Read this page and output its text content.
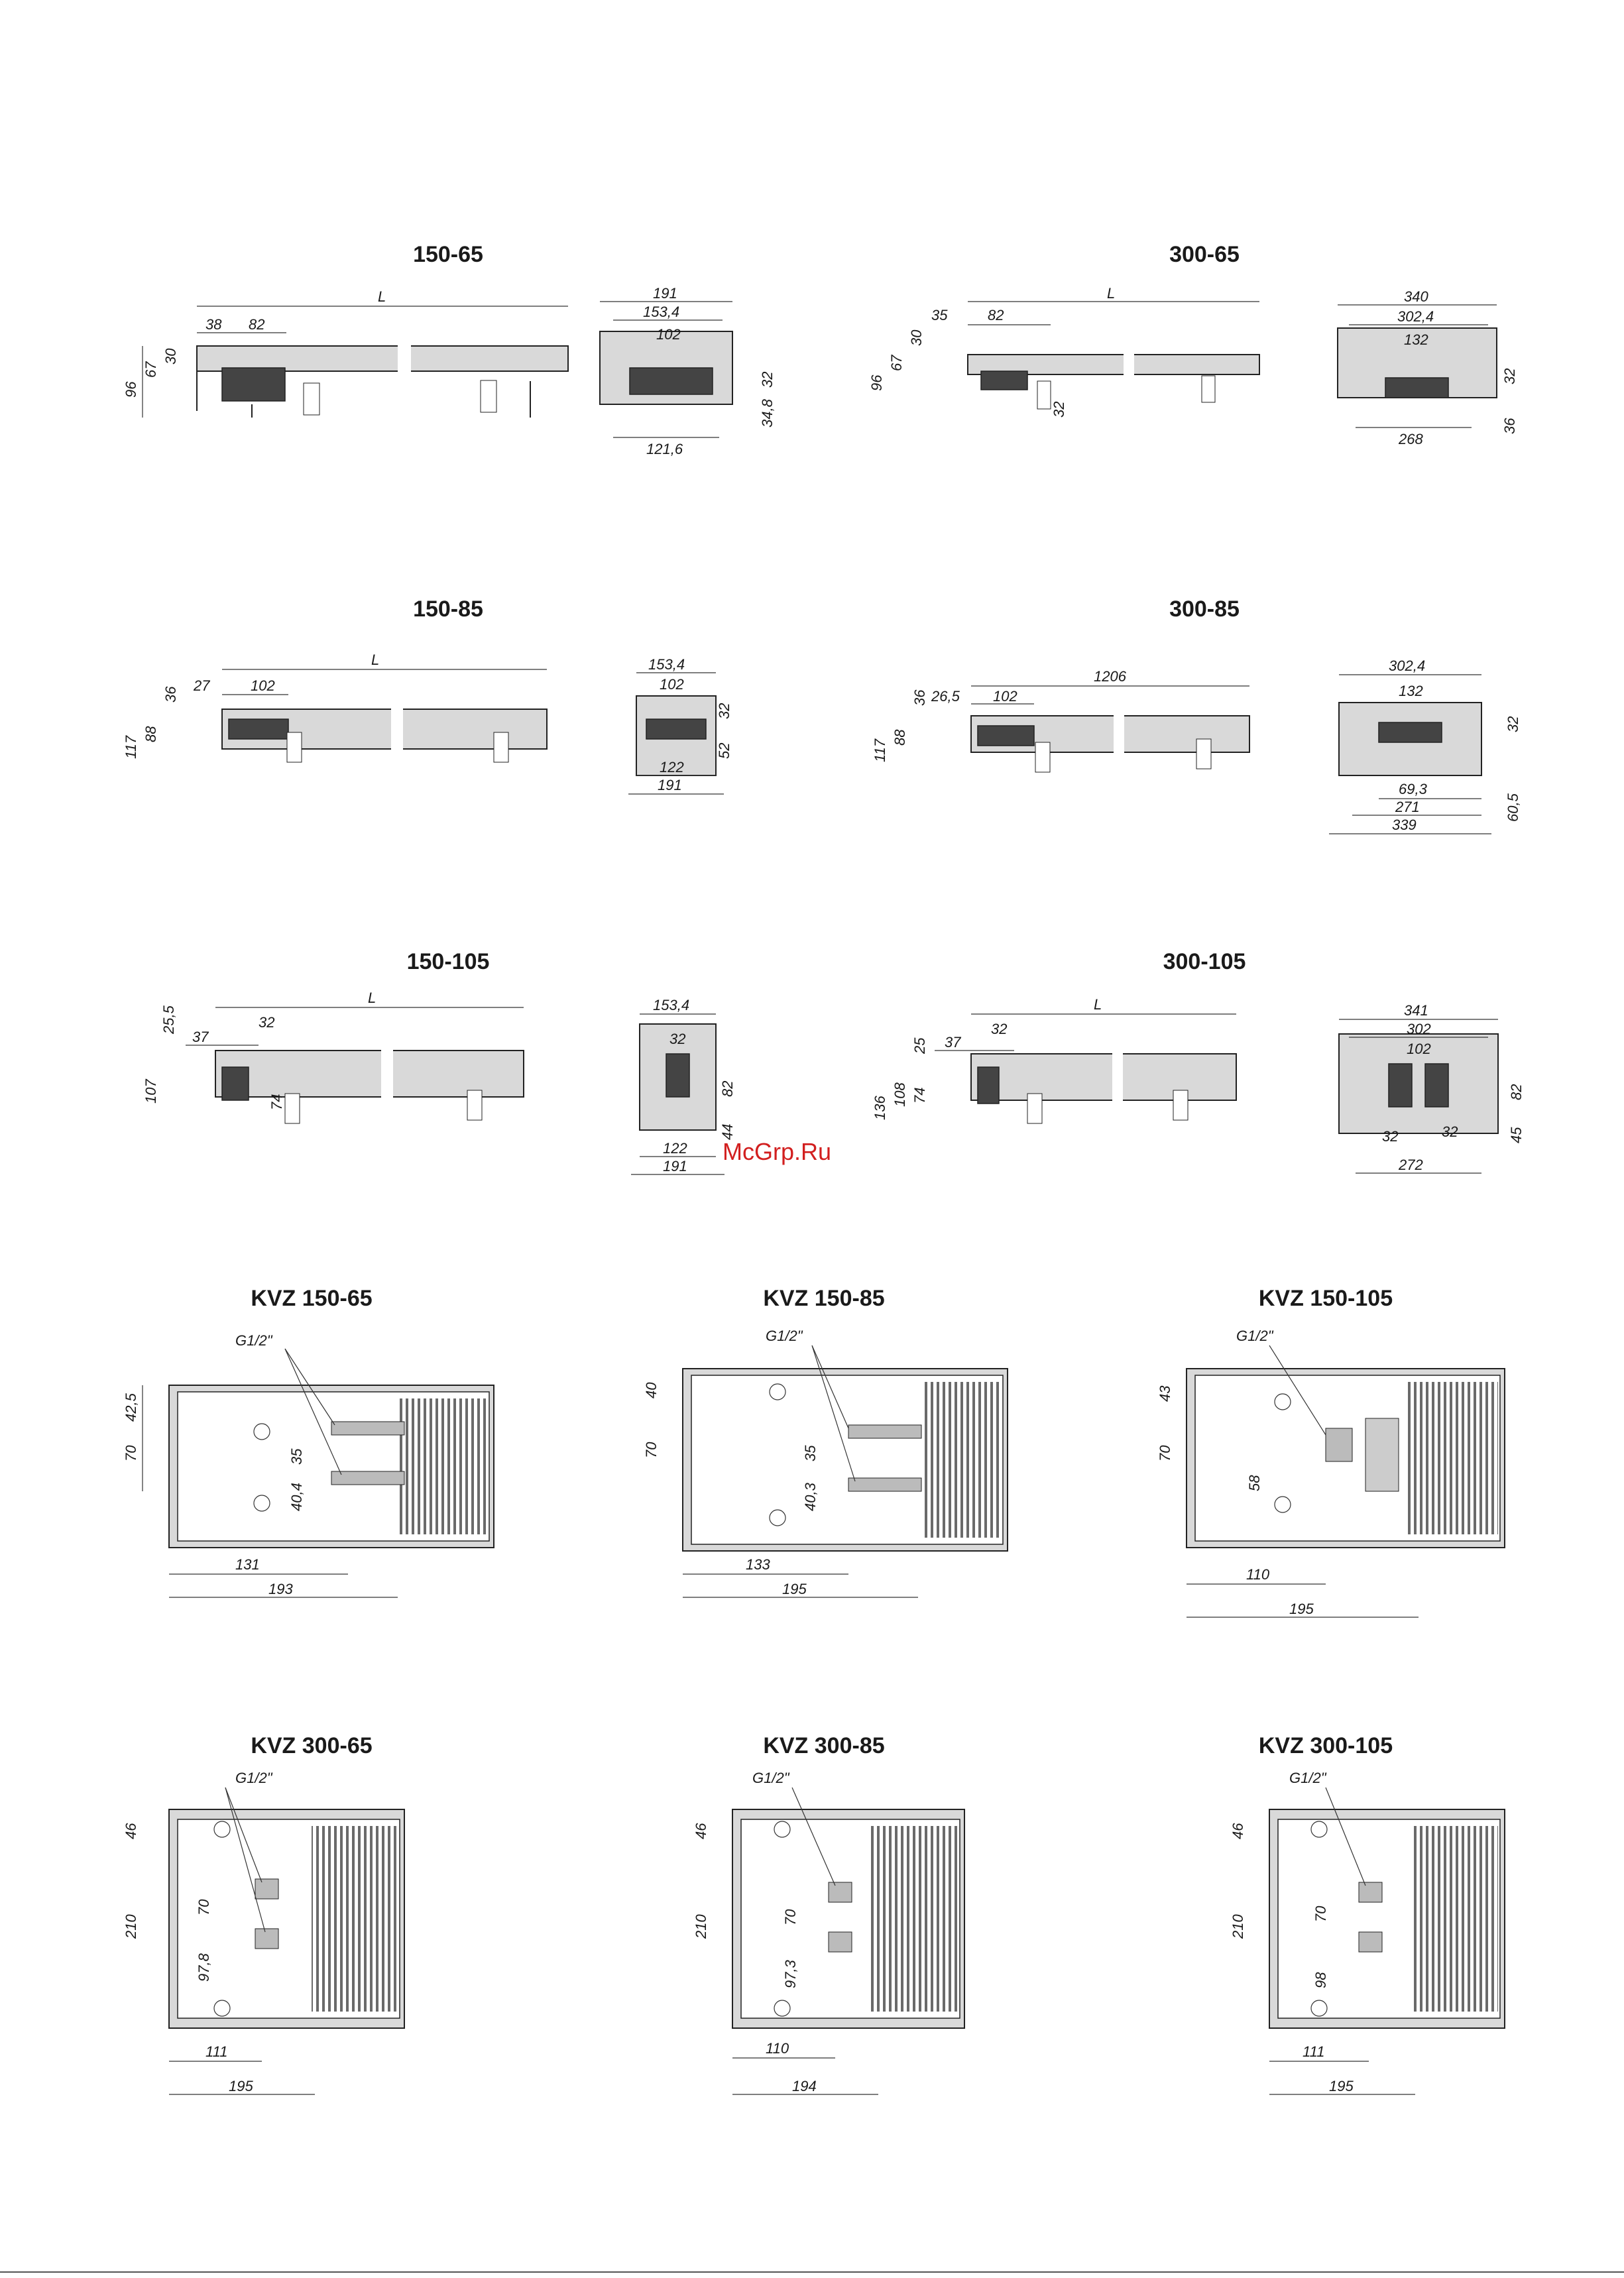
150-65
L
38 82
96
67
30
191
153,4
102
34,8
32
121,6
300-65
L
35	82
96
67
30
32
340
302,4
132
32
36
268
150-85
L
27	102
117
88
36
153,4
102
32
52
122
191
300-85
1206
26,5 102
117
88
36
302,4
132
32
60,5
69,3
271
339
150-105
L
25,5
37
32
107	74
153,4
32
82
44
122
191
300-105
L
25 37
32
136
108 74
341
302
102
82
45
32	32
272
McGrp.Ru
KVZ 150-65
G1/2"
42,5
70	35
40,4
131
193
KVZ 150-85
G1/2"
40
70	35
40,3
133
195
KVZ 150-105
G1/2"
43
70
58
110
195
KVZ 300-65
G1/2"
46
210
70
97,8
111
195
KVZ 300-85
G1/2"
46
210	70
97,3
110
194
KVZ 300-105
G1/2"
46
210
70
98
111
195
